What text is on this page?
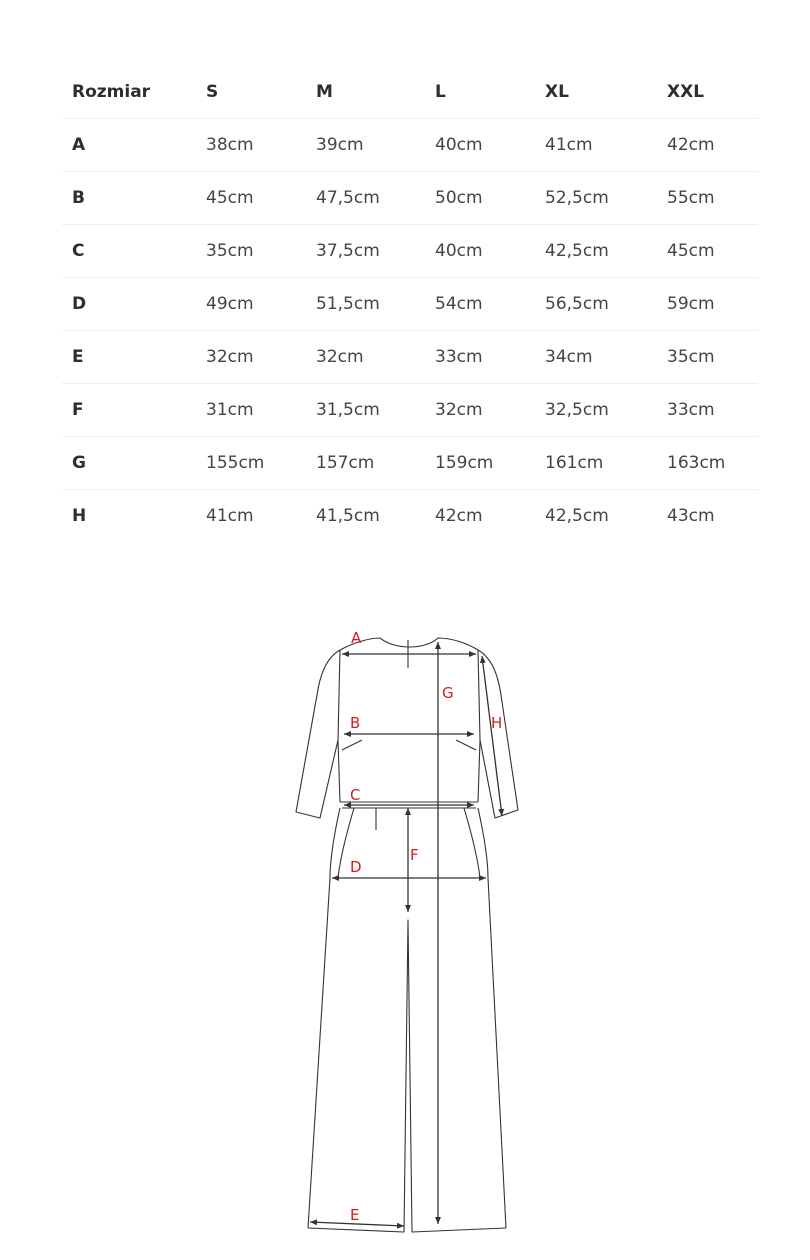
Rozmiar	S	M	L	XL	XXL
A	38cm	39cm	40cm	41cm	42cm
B	45cm	47,5cm	50cm	52,5cm	55cm
C	35cm	37,5cm	40cm	42,5cm	45cm
D	49cm	51,5cm	54cm	56,5cm	59cm
E	32cm	32cm	33cm	34cm	35cm
F	31cm	31,5cm	32cm	32,5cm	33cm
G	155cm	157cm	159cm	161cm	163cm
H	41cm	41,5cm	42cm	42,5cm	43cm
A
B
C
D
E
F
G
H
